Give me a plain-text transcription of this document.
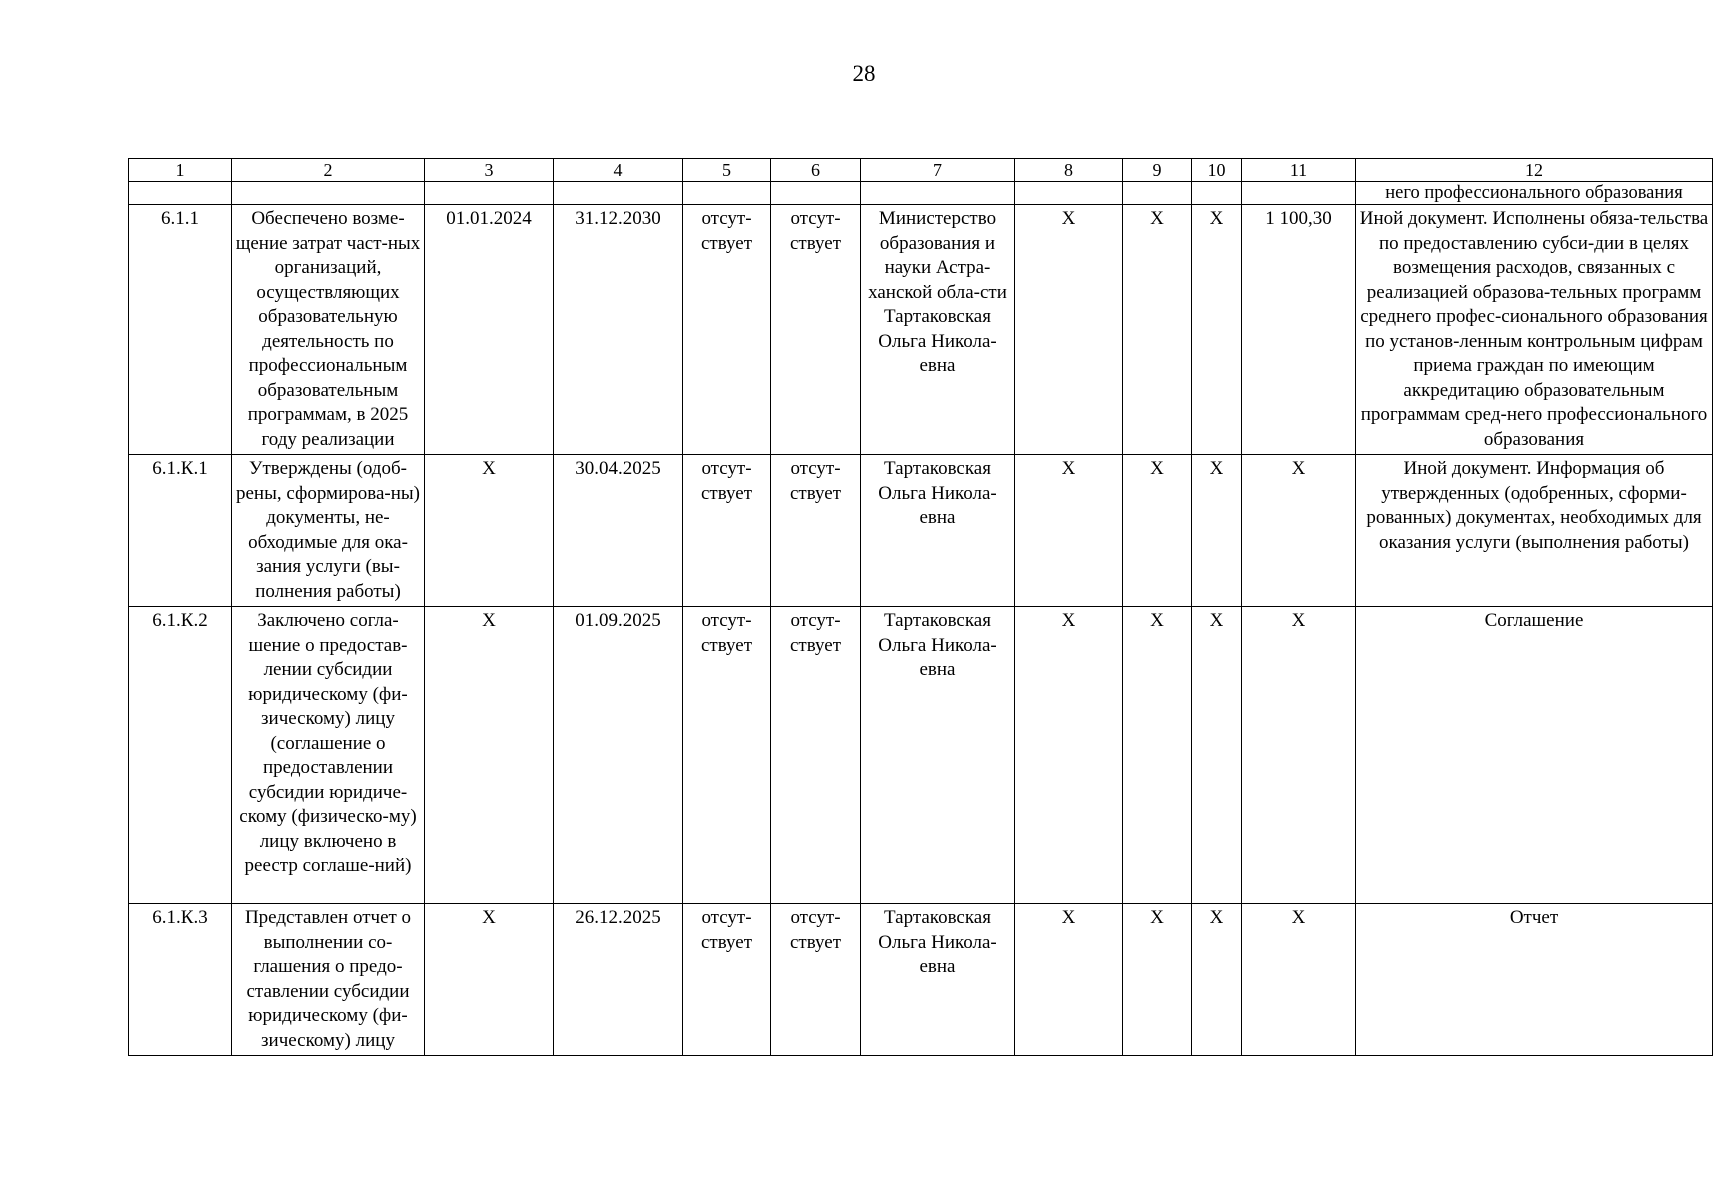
28
1	2	3	4	5	6	7	8	9	10	11	12
											него профессионального образования
6.1.1	Обеспечено возме-щение затрат част-ных организаций, осуществляющих образовательную деятельность по профессиональным образовательным программам, в 2025 году реализации	01.01.2024	31.12.2030	отсут-ствует	отсут-ствует	Министерство образования и науки Астра-ханской обла-сти Тартаковская Ольга Никола-евна	X	X	X	1 100,30	Иной документ. Исполнены обяза-тельства по предоставлению субси-дии в целях возмещения расходов, связанных с реализацией образова-тельных программ среднего профес-сионального образования по установ-ленным контрольным цифрам приема граждан по имеющим аккредитацию образовательным программам сред-него профессионального образования
6.1.К.1	Утверждены (одоб-рены, сформирова-ны) документы, не-обходимые для ока-зания услуги (вы-полнения работы)	X	30.04.2025	отсут-ствует	отсут-ствует	Тартаковская Ольга Никола-евна	X	X	X	X	Иной документ. Информация об утвержденных (одобренных, сформи-рованных) документах, необходимых для оказания услуги (выполнения работы)
6.1.К.2	Заключено согла-шение о предостав-лении субсидии юридическому (фи-зическому) лицу (соглашение о предоставлении субсидии юридиче-скому (физическо-му) лицу включено в реестр соглаше-ний)	X	01.09.2025	отсут-ствует	отсут-ствует	Тартаковская Ольга Никола-евна	X	X	X	X	Соглашение
6.1.К.3	Представлен отчет о выполнении со-глашения о предо-ставлении субсидии юридическому (фи-зическому) лицу	X	26.12.2025	отсут-ствует	отсут-ствует	Тартаковская Ольга Никола-евна	X	X	X	X	Отчет
